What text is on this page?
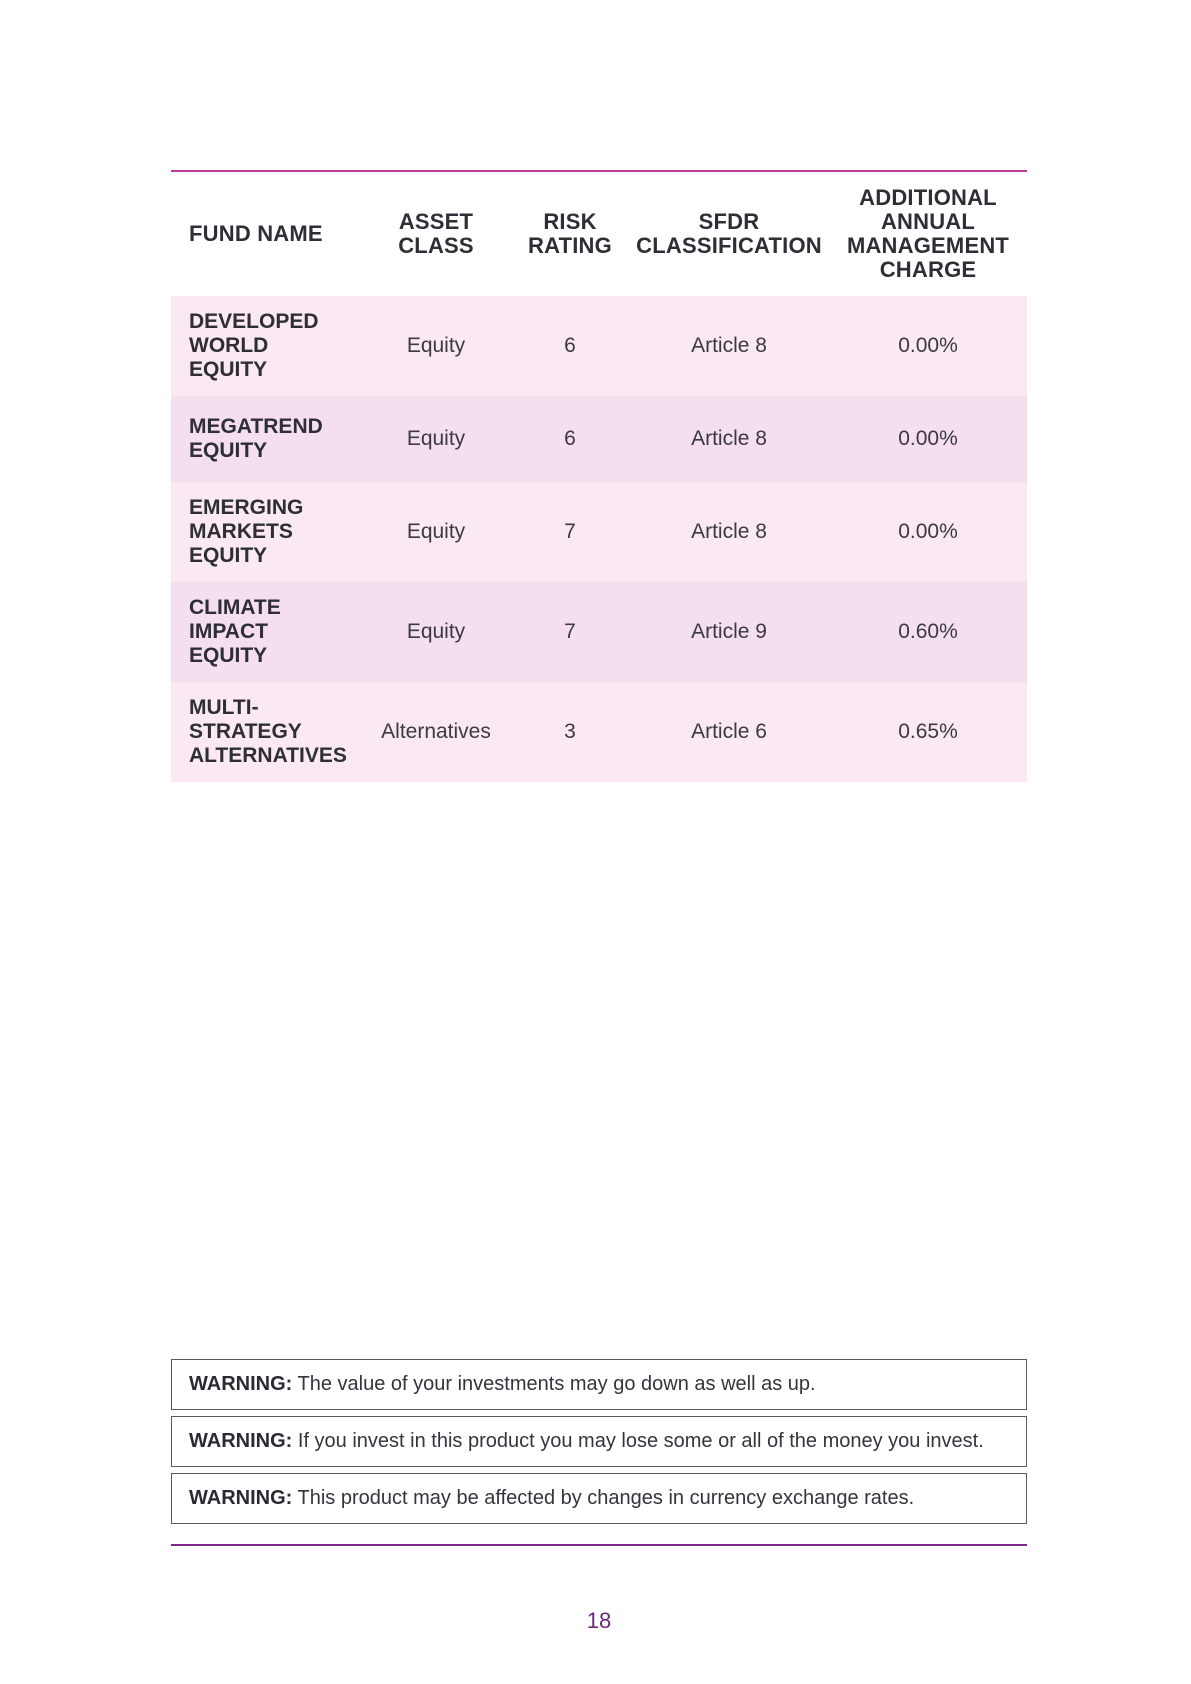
FUND NAME	ASSET CLASS	RISK RATING	SFDR CLASSIFICATION	ADDITIONAL ANNUAL MANAGEMENT CHARGE
DEVELOPED WORLD EQUITY	Equity	6	Article 8	0.00%
MEGATREND EQUITY	Equity	6	Article 8	0.00%
EMERGING MARKETS EQUITY	Equity	7	Article 8	0.00%
CLIMATE IMPACT EQUITY	Equity	7	Article 9	0.60%
MULTI-STRATEGY ALTERNATIVES	Alternatives	3	Article 6	0.65%
WARNING: The value of your investments may go down as well as up.
WARNING: If you invest in this product you may lose some or all of the money you invest.
WARNING: This product may be affected by changes in currency exchange rates.
18
